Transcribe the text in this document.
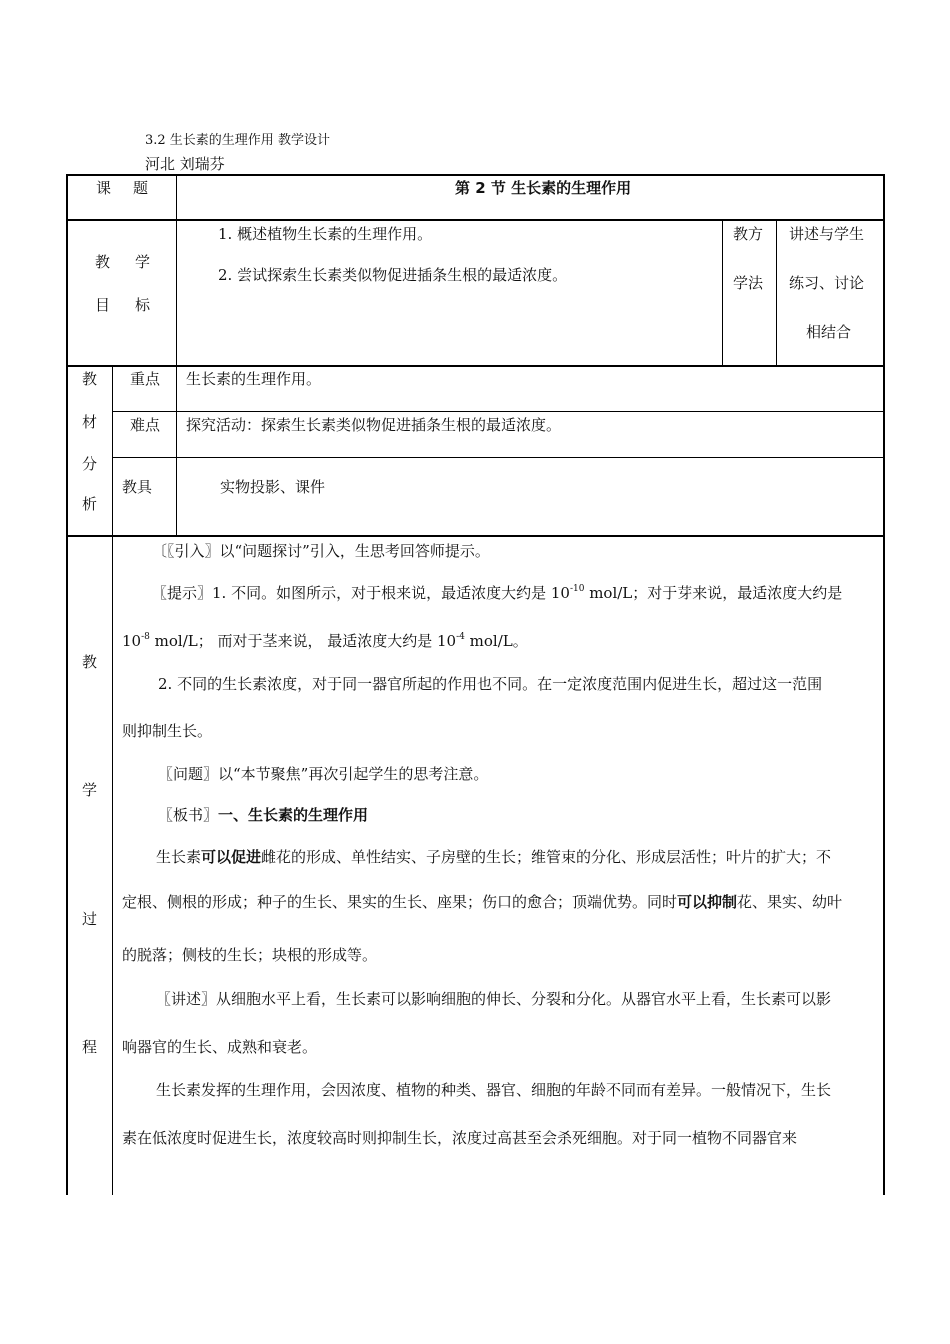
3.2 生长素的生理作用 教学设计
河北 刘瑞芬
课 题	第 2 节 生长素的生理作用
教 学
目 标
1. 概述植物生长素的生理作用。
2. 尝试探索生长素类似物促进插条生根的最适浓度。
教方
学法
讲述与学生
练习、讨论
相结合
教
材
分
析
重点 生长素的生理作用。
难点 探究活动：探索生长素类似物促进插条生根的最适浓度。
教具	实物投影、课件
教
学
过
程
〔〖引入〗以“问题探讨”引入，生思考回答师提示。
〖提示〗1. 不同。如图所示，对于根来说，最适浓度大约是 $10^{-10}$ mol/L；对于芽来说，最适浓度大约是
$10^{-8}$ mol/L； 而对于茎来说， 最适浓度大约是 $10^{-4}$ mol/L。
2. 不同的生长素浓度，对于同一器官所起的作用也不同。在一定浓度范围内促进生长，超过这一范围
则抑制生长。
〖问题〗以“本节聚焦”再次引起学生的思考注意。
〖板书〗一、生长素的生理作用
生长素可以促进雌花的形成、单性结实、子房壁的生长；维管束的分化、形成层活性；叶片的扩大；不
定根、侧根的形成；种子的生长、果实的生长、座果；伤口的愈合；顶端优势。同时可以抑制花、果实、幼叶
的脱落；侧枝的生长；块根的形成等。
〖讲述〗从细胞水平上看，生长素可以影响细胞的伸长、分裂和分化。从器官水平上看，生长素可以影
响器官的生长、成熟和衰老。
生长素发挥的生理作用，会因浓度、植物的种类、器官、细胞的年龄不同而有差异。一般情况下，生长
素在低浓度时促进生长，浓度较高时则抑制生长，浓度过高甚至会杀死细胞。对于同一植物不同器官来
